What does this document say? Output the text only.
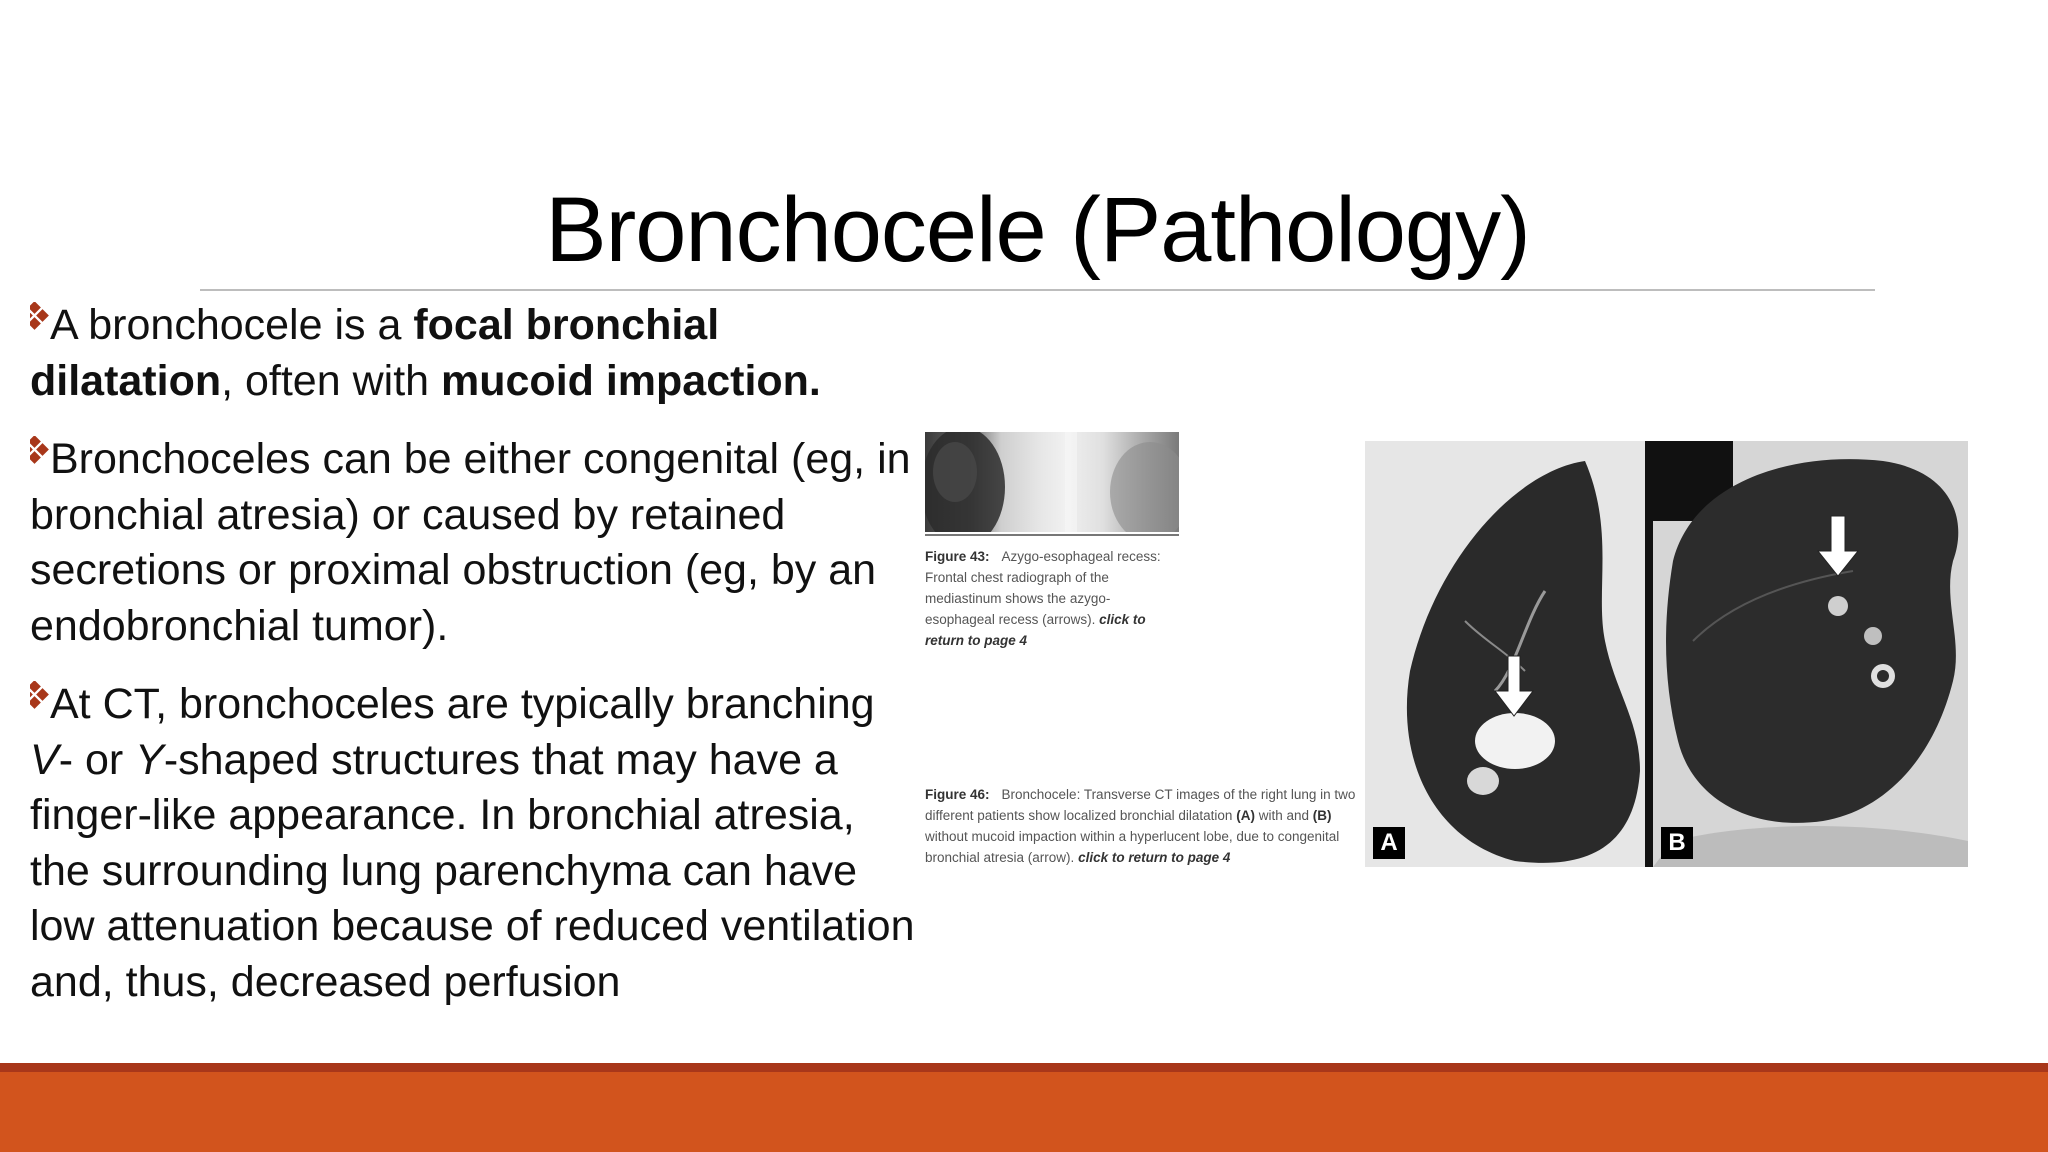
Bronchocele (Pathology)

A bronchocele is a focal bronchial dilatation, often with mucoid impaction.

Bronchoceles can be either congenital (eg, in bronchial atresia) or caused by retained secretions or proximal obstruction (eg, by an endobronchial tumor).

At CT, bronchoceles are typically branching V- or Y-shaped structures that may have a finger-like appearance. In bronchial atresia, the surrounding lung parenchyma can have low attenuation because of reduced ventilation and, thus, decreased perfusion

Figure 43: Azygo-esophageal recess: Frontal chest radiograph of the mediastinum shows the azygo-esophageal recess (arrows). click to return to page 4
Figure 46: Bronchocele: Transverse CT images of the right lung in two different patients show localized bronchial dilatation (A) with and (B) without mucoid impaction within a hyperlucent lobe, due to congenital bronchial atresia (arrow). click to return to page 4
A	B
